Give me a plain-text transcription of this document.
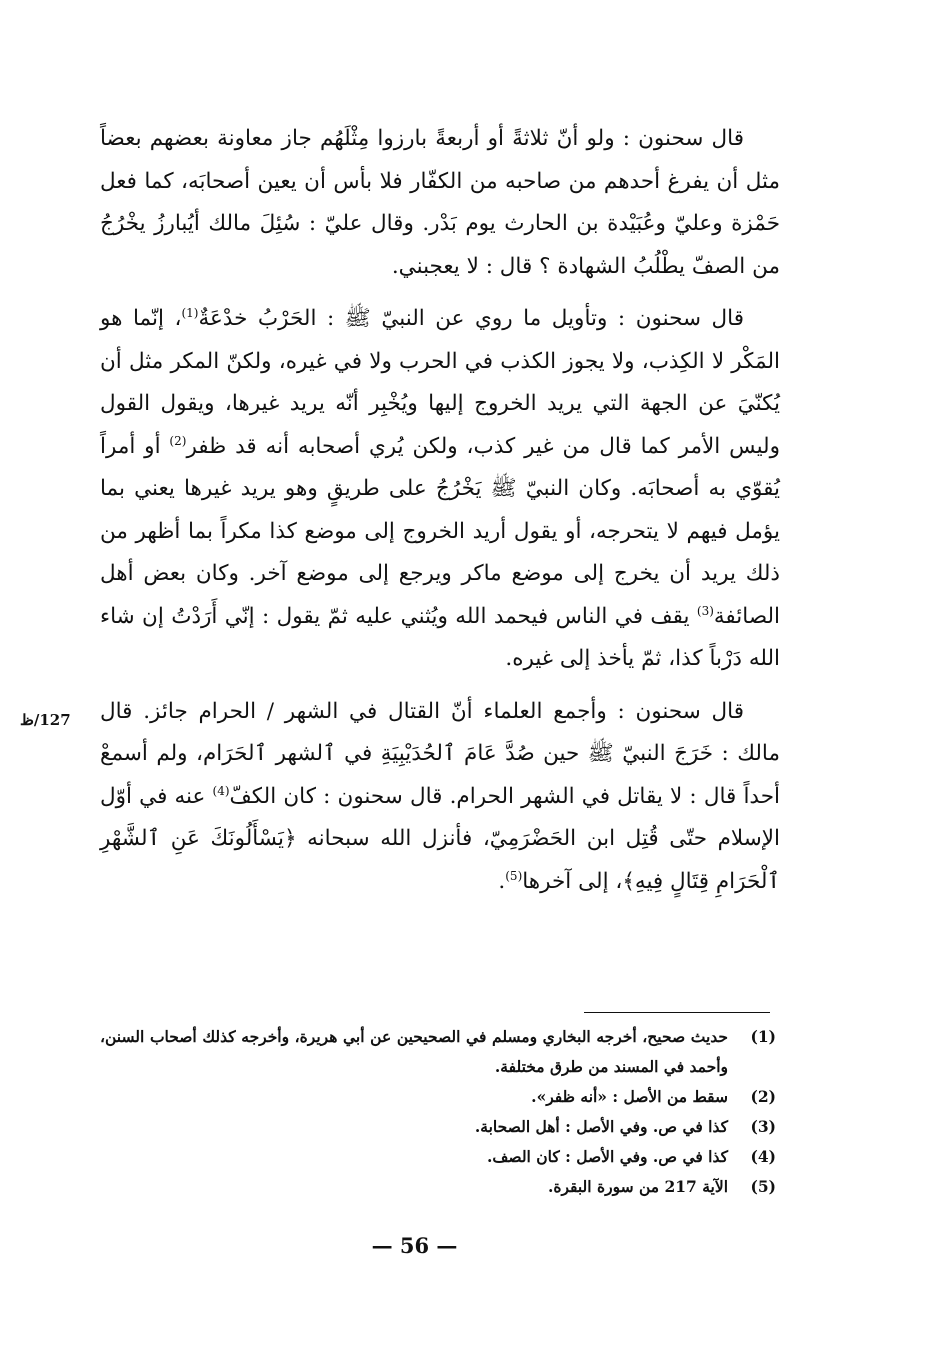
قال سحنون : ولو أنّ ثلاثةً أو أربعةً بارزوا مِثْلَهُم جاز معاونة بعضهم بعضاً مثل أن يفرغ أحدهم من صاحبه من الكفّار فلا بأس أن يعين أصحابَه، كما فعل حَمْزة وعليّ وعُبَيْدة بن الحارث يوم بَدْر. وقال عليّ : سُئِلَ مالك أيُبارزُ يخْرُجُ من الصفّ يطْلُبُ الشهادة ؟ قال : لا يعجبني.

قال سحنون : وتأويل ما روي عن النبيّ ﷺ : الحَرْبُ خدْعَةٌ$^{(1)}$، إنّما هو المَكْر لا الكِذب، ولا يجوز الكذب في الحرب ولا في غيره، ولكنّ المكر مثل أن يُكنّيَ عن الجهة التي يريد الخروج إليها ويُخْبِر أنّه يريد غيرها، ويقول القول وليس الأمر كما قال من غير كذب، ولكن يُري أصحابه أنه قد ظفر$^{(2)}$ أو أمراً يُقوّي به أصحابَه. وكان النبيّ ﷺ يَخْرُجُ على طريقٍ وهو يريد غيرها يعني بما يؤمل فيهم لا يتحرجه، أو يقول أريد الخروج إلى موضع كذا مكراً بما أظهر من ذلك يريد أن يخرج إلى موضع ماكر ويرجع إلى موضع آخر. وكان بعض أهل الصائفة$^{(3)}$ يقف في الناس فيحمد الله ويُثني عليه ثمّ يقول : إنّي أَرَدْتُ إن شاء الله دَرْباً كذا، ثمّ يأخذ إلى غيره.

قال سحنون : وأجمع العلماء أنّ القتال في الشهر / الحرام جائز. قال مالك : خَرَجَ النبيّ ﷺ حين صُدَّ عَامَ ٱلحُدَيْبِيَةِ في ٱلشهر ٱلحَرَام، ولم أسمعْ أحداً قال : لا يقاتل في الشهر الحرام. قال سحنون : كان الكفّ$^{(4)}$ عنه في أوّل الإسلام حتّى قُتِل ابن الحَضْرَمِيّ، فأنزل الله سبحانه ﴿يَسْأَلُونَكَ عَنِ ٱلشَّهْرِ ٱلْحَرَامِ قِتَالٍ فِيهِ﴾، إلى آخرها$^{(5)}$.

127/ظ
(1)
حديث صحيح، أخرجه البخاري ومسلم في الصحيحين عن أبي هريرة، وأخرجه كذلك أصحاب السنن، وأحمد في المسند من طرق مختلفة.
(2)
سقط من الأصل : «أنه ظفر».
(3)
كذا في ص. وفي الأصل : أهل الصحابة.
(4)
كذا في ص. وفي الأصل : كان الصف.
(5)
الآية 217 من سورة البقرة.
— 56 —
